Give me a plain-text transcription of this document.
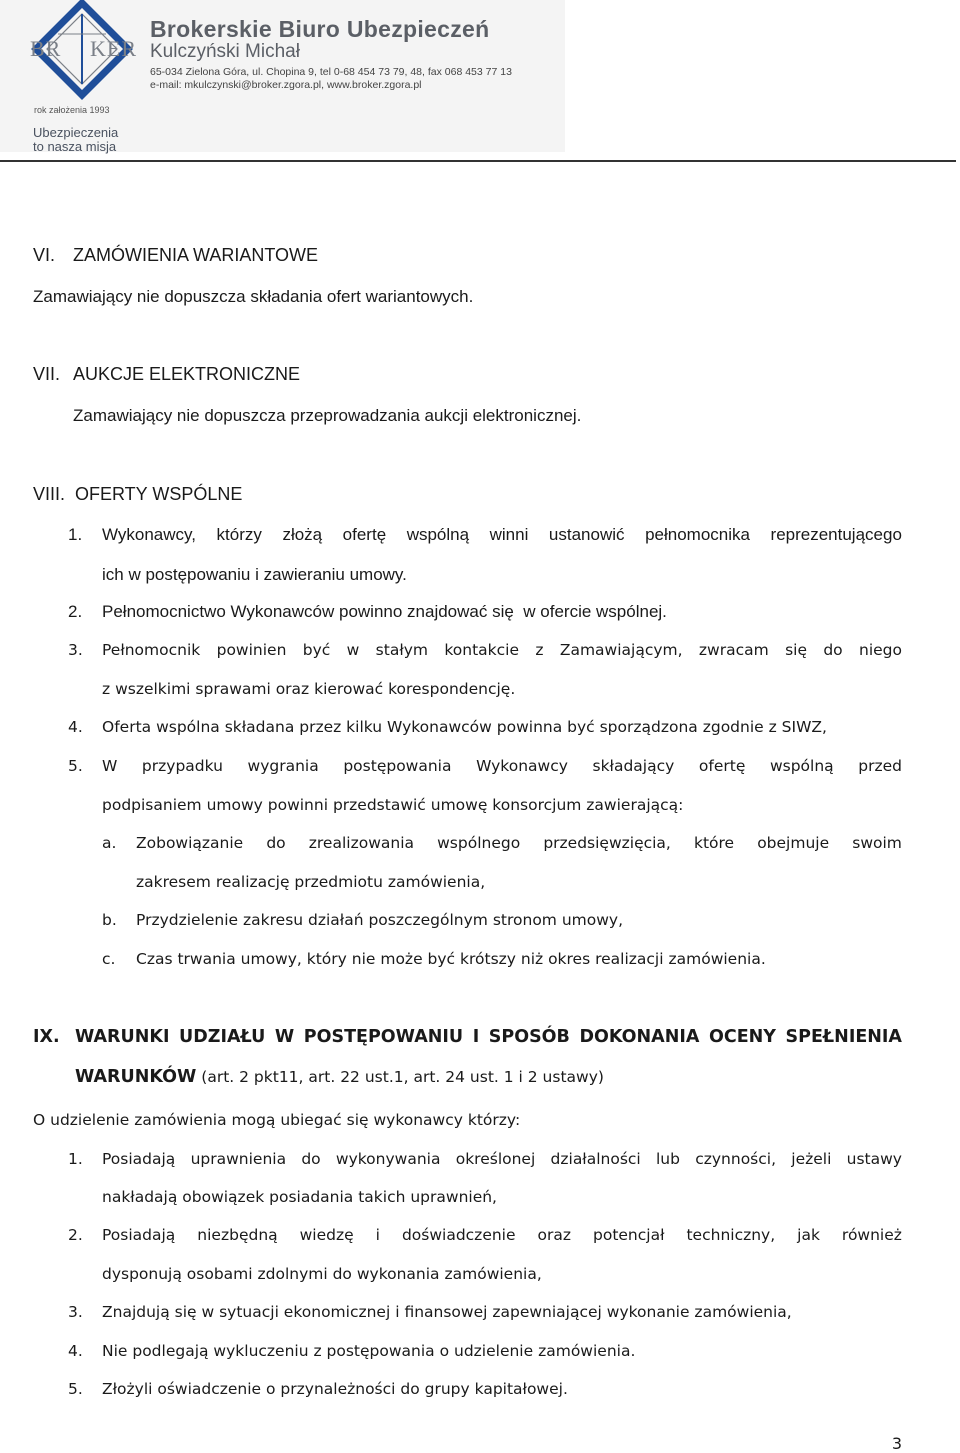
BR KER
rok założenia 1993
Ubezpieczenia
to nasza misja
Brokerskie Biuro Ubezpieczeń
Kulczyński Michał
65-034 Zielona Góra, ul. Chopina 9, tel 0-68 454 73 79, 48, fax 068 453 77 13
e-mail: mkulczynski@broker.zgora.pl, www.broker.zgora.pl
VI. ZAMÓWIENIA WARIANTOWE
Zamawiający nie dopuszcza składania ofert wariantowych.
VII. AUKCJE ELEKTRONICZNE
Zamawiający nie dopuszcza przeprowadzania aukcji elektronicznej.
VIII. OFERTY WSPÓLNE
1. Wykonawcy, którzy złożą ofertę wspólną winni ustanowić pełnomocnika reprezentującego
ich w postępowaniu i zawieraniu umowy.
2. Pełnomocnictwo Wykonawców powinno znajdować się  w ofercie wspólnej.
3. Pełnomocnik powinien być w stałym kontakcie z Zamawiającym, zwracam się do niego
z wszelkimi sprawami oraz kierować korespondencję.
4. Oferta wspólna składana przez kilku Wykonawców powinna być sporządzona zgodnie z SIWZ,
5. W przypadku wygrania postępowania Wykonawcy składający ofertę wspólną przed
podpisaniem umowy powinni przedstawić umowę konsorcjum zawierającą:
a. Zobowiązanie do zrealizowania wspólnego przedsięwzięcia, które obejmuje swoim
zakresem realizację przedmiotu zamówienia,
b. Przydzielenie zakresu działań poszczególnym stronom umowy,
c. Czas trwania umowy, który nie może być krótszy niż okres realizacji zamówienia.
IX. WARUNKI UDZIAŁU W POSTĘPOWANIU I SPOSÓB DOKONANIA OCENY SPEŁNIENIA
WARUNKÓW (art. 2 pkt11, art. 22 ust.1, art. 24 ust. 1 i 2 ustawy)
O udzielenie zamówienia mogą ubiegać się wykonawcy którzy:
1. Posiadają uprawnienia do wykonywania określonej działalności lub czynności, jeżeli ustawy
nakładają obowiązek posiadania takich uprawnień,
2. Posiadają niezbędną wiedzę i doświadczenie oraz potencjał techniczny, jak również
dysponują osobami zdolnymi do wykonania zamówienia,
3. Znajdują się w sytuacji ekonomicznej i finansowej zapewniającej wykonanie zamówienia,
4. Nie podlegają wykluczeniu z postępowania o udzielenie zamówienia.
5. Złożyli oświadczenie o przynależności do grupy kapitałowej.
3
